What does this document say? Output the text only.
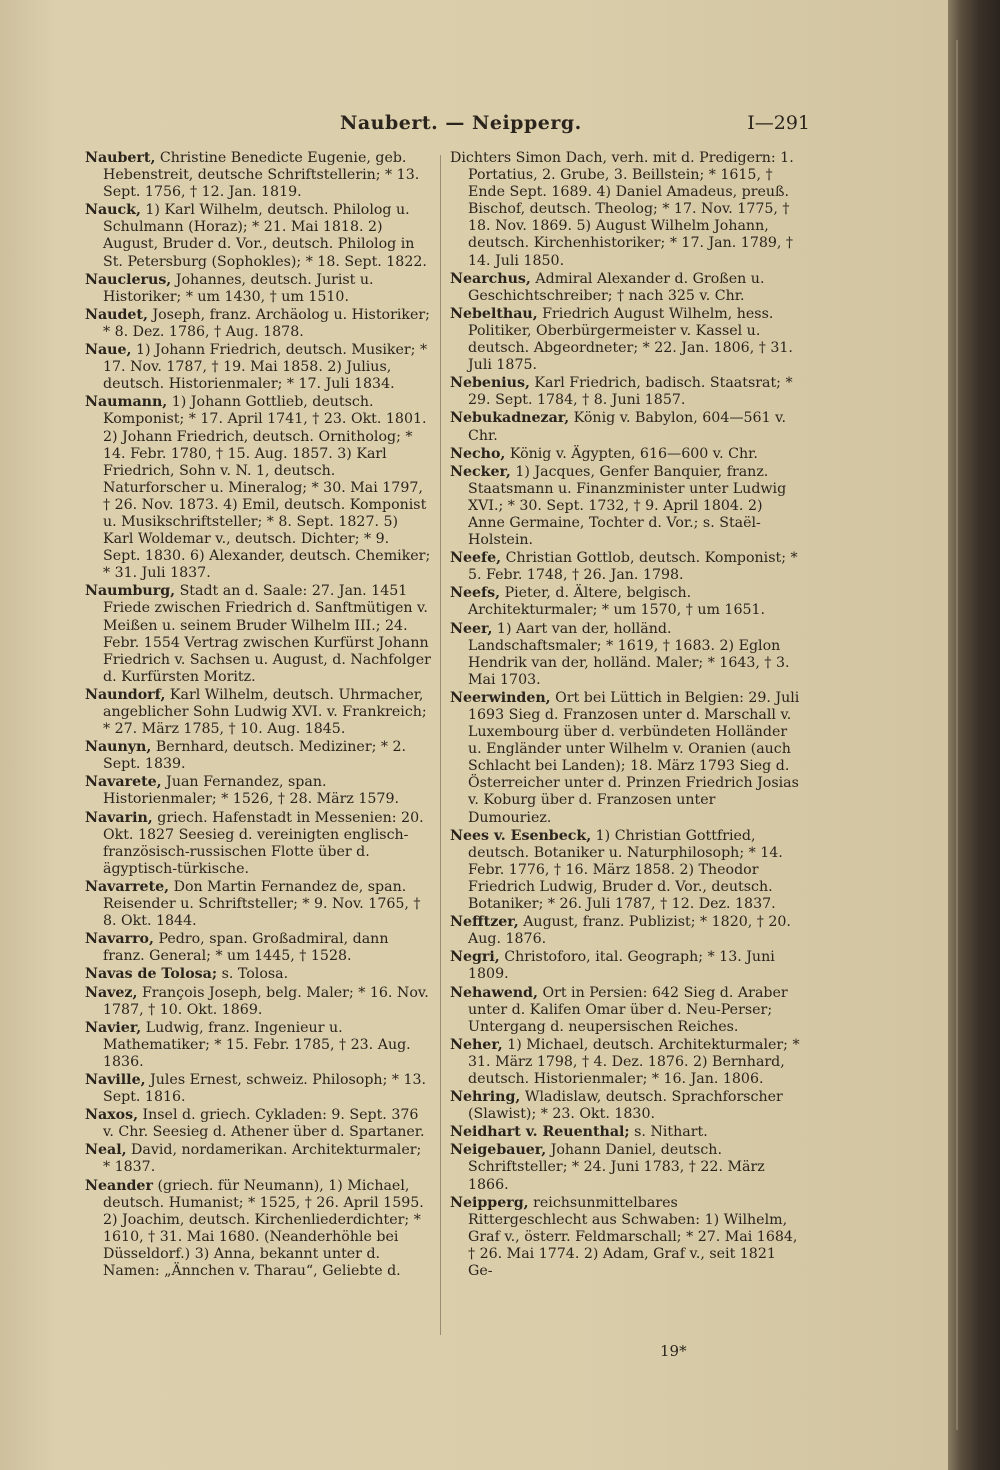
Naubert. — Neipperg.	I—291
Naubert, Christine Benedicte Eugenie, geb. Hebenstreit, deutsche Schriftstellerin; * 13. Sept. 1756, † 12. Jan. 1819.
Nauck, 1) Karl Wilhelm, deutsch. Philolog u. Schulmann (Horaz); * 21. Mai 1818. 2) August, Bruder d. Vor., deutsch. Philolog in St. Petersburg (Sophokles); * 18. Sept. 1822.
Nauclerus, Johannes, deutsch. Jurist u. Historiker; * um 1430, † um 1510.
Naudet, Joseph, franz. Archäolog u. Historiker; * 8. Dez. 1786, † Aug. 1878.
Naue, 1) Johann Friedrich, deutsch. Musiker; * 17. Nov. 1787, † 19. Mai 1858. 2) Julius, deutsch. Historienmaler; * 17. Juli 1834.
Naumann, 1) Johann Gottlieb, deutsch. Komponist; * 17. April 1741, † 23. Okt. 1801. 2) Johann Friedrich, deutsch. Ornitholog; * 14. Febr. 1780, † 15. Aug. 1857. 3) Karl Friedrich, Sohn v. N. 1, deutsch. Naturforscher u. Mineralog; * 30. Mai 1797, † 26. Nov. 1873. 4) Emil, deutsch. Komponist u. Musikschriftsteller; * 8. Sept. 1827. 5) Karl Woldemar v., deutsch. Dichter; * 9. Sept. 1830. 6) Alexander, deutsch. Chemiker; * 31. Juli 1837.
Naumburg, Stadt an d. Saale: 27. Jan. 1451 Friede zwischen Friedrich d. Sanftmütigen v. Meißen u. seinem Bruder Wilhelm III.; 24. Febr. 1554 Vertrag zwischen Kurfürst Johann Friedrich v. Sachsen u. August, d. Nachfolger d. Kurfürsten Moritz.
Naundorf, Karl Wilhelm, deutsch. Uhrmacher, angeblicher Sohn Ludwig XVI. v. Frankreich; * 27. März 1785, † 10. Aug. 1845.
Naunyn, Bernhard, deutsch. Mediziner; * 2. Sept. 1839.
Navarete, Juan Fernandez, span. Historienmaler; * 1526, † 28. März 1579.
Navarin, griech. Hafenstadt in Messenien: 20. Okt. 1827 Seesieg d. vereinigten englisch-französisch-russischen Flotte über d. ägyptisch-türkische.
Navarrete, Don Martin Fernandez de, span. Reisender u. Schriftsteller; * 9. Nov. 1765, † 8. Okt. 1844.
Navarro, Pedro, span. Großadmiral, dann franz. General; * um 1445, † 1528.
Navas de Tolosa; s. Tolosa.
Navez, François Joseph, belg. Maler; * 16. Nov. 1787, † 10. Okt. 1869.
Navier, Ludwig, franz. Ingenieur u. Mathematiker; * 15. Febr. 1785, † 23. Aug. 1836.
Naville, Jules Ernest, schweiz. Philosoph; * 13. Sept. 1816.
Naxos, Insel d. griech. Cykladen: 9. Sept. 376 v. Chr. Seesieg d. Athener über d. Spartaner.
Neal, David, nordamerikan. Architekturmaler; * 1837.
Neander (griech. für Neumann), 1) Michael, deutsch. Humanist; * 1525, † 26. April 1595. 2) Joachim, deutsch. Kirchenliederdichter; * 1610, † 31. Mai 1680. (Neanderhöhle bei Düsseldorf.) 3) Anna, bekannt unter d. Namen: „Ännchen v. Tharau“, Geliebte d.
Dichters Simon Dach, verh. mit d. Predigern: 1. Portatius, 2. Grube, 3. Beillstein; * 1615, † Ende Sept. 1689. 4) Daniel Amadeus, preuß. Bischof, deutsch. Theolog; * 17. Nov. 1775, † 18. Nov. 1869. 5) August Wilhelm Johann, deutsch. Kirchenhistoriker; * 17. Jan. 1789, † 14. Juli 1850.
Nearchus, Admiral Alexander d. Großen u. Geschichtschreiber; † nach 325 v. Chr.
Nebelthau, Friedrich August Wilhelm, hess. Politiker, Oberbürgermeister v. Kassel u. deutsch. Abgeordneter; * 22. Jan. 1806, † 31. Juli 1875.
Nebenius, Karl Friedrich, badisch. Staatsrat; * 29. Sept. 1784, † 8. Juni 1857.
Nebukadnezar, König v. Babylon, 604—561 v. Chr.
Necho, König v. Ägypten, 616—600 v. Chr.
Necker, 1) Jacques, Genfer Banquier, franz. Staatsmann u. Finanzminister unter Ludwig XVI.; * 30. Sept. 1732, † 9. April 1804. 2) Anne Germaine, Tochter d. Vor.; s. Staël-Holstein.
Neefe, Christian Gottlob, deutsch. Komponist; * 5. Febr. 1748, † 26. Jan. 1798.
Neefs, Pieter, d. Ältere, belgisch. Architekturmaler; * um 1570, † um 1651.
Neer, 1) Aart van der, holländ. Landschaftsmaler; * 1619, † 1683. 2) Eglon Hendrik van der, holländ. Maler; * 1643, † 3. Mai 1703.
Neerwinden, Ort bei Lüttich in Belgien: 29. Juli 1693 Sieg d. Franzosen unter d. Marschall v. Luxembourg über d. verbündeten Holländer u. Engländer unter Wilhelm v. Oranien (auch Schlacht bei Landen); 18. März 1793 Sieg d. Österreicher unter d. Prinzen Friedrich Josias v. Koburg über d. Franzosen unter Dumouriez.
Nees v. Esenbeck, 1) Christian Gottfried, deutsch. Botaniker u. Naturphilosoph; * 14. Febr. 1776, † 16. März 1858. 2) Theodor Friedrich Ludwig, Bruder d. Vor., deutsch. Botaniker; * 26. Juli 1787, † 12. Dez. 1837.
Nefftzer, August, franz. Publizist; * 1820, † 20. Aug. 1876.
Negri, Christoforo, ital. Geograph; * 13. Juni 1809.
Nehawend, Ort in Persien: 642 Sieg d. Araber unter d. Kalifen Omar über d. Neu-Perser; Untergang d. neupersischen Reiches.
Neher, 1) Michael, deutsch. Architekturmaler; * 31. März 1798, † 4. Dez. 1876. 2) Bernhard, deutsch. Historienmaler; * 16. Jan. 1806.
Nehring, Wladislaw, deutsch. Sprachforscher (Slawist); * 23. Okt. 1830.
Neidhart v. Reuenthal; s. Nithart.
Neigebauer, Johann Daniel, deutsch. Schriftsteller; * 24. Juni 1783, † 22. März 1866.
Neipperg, reichsunmittelbares Rittergeschlecht aus Schwaben: 1) Wilhelm, Graf v., österr. Feldmarschall; * 27. Mai 1684, † 26. Mai 1774. 2) Adam, Graf v., seit 1821 Ge-
19*
